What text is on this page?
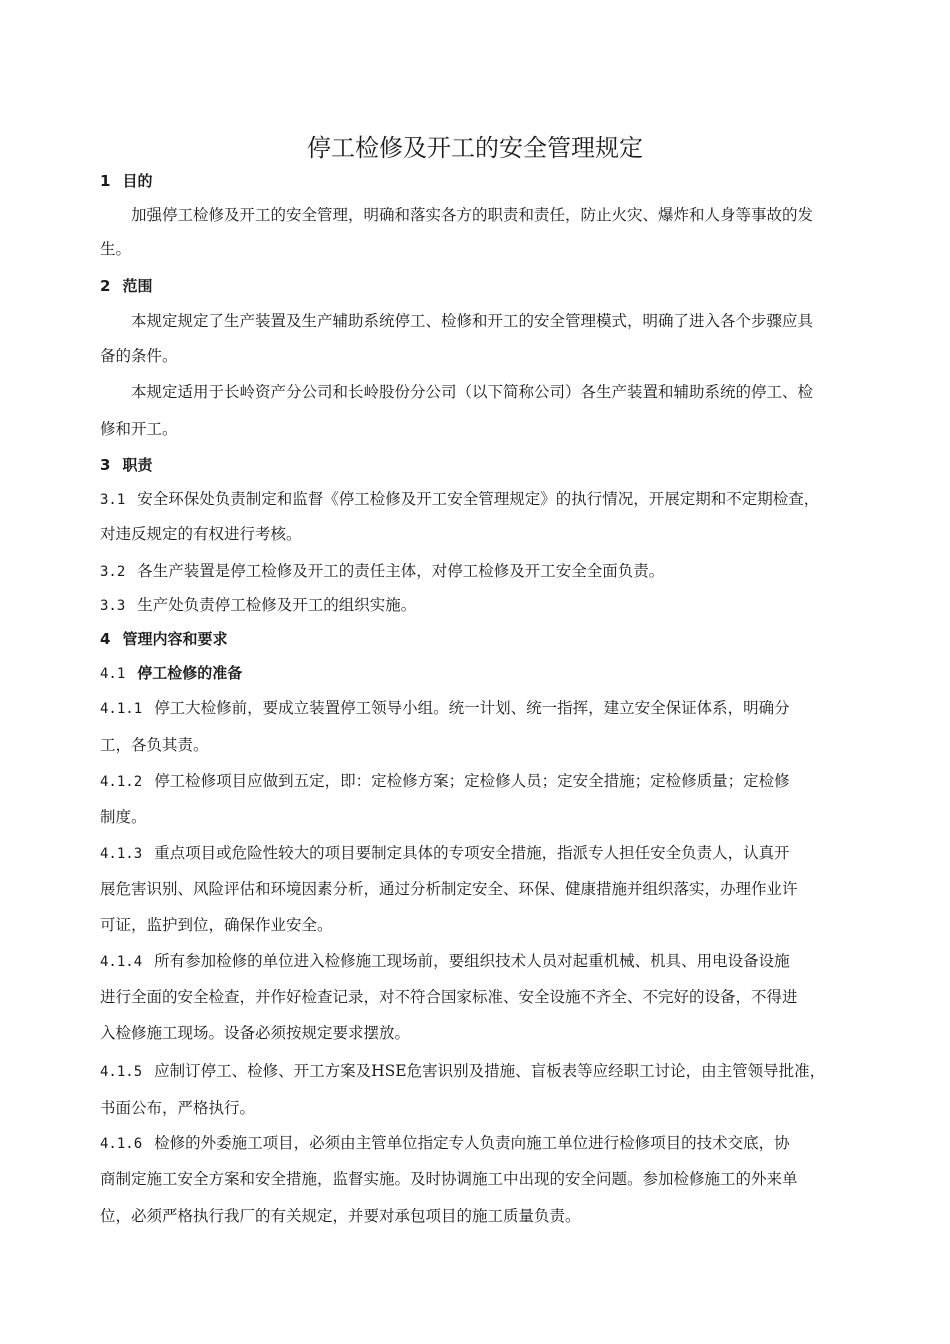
停工检修及开工的安全管理规定
1 目的
加强停工检修及开工的安全管理，明确和落实各方的职责和责任，防止火灾、爆炸和人身等事故的发
生。
2 范围
本规定规定了生产装置及生产辅助系统停工、检修和开工的安全管理模式，明确了进入各个步骤应具
备的条件。
本规定适用于长岭资产分公司和长岭股份分公司（以下简称公司）各生产装置和辅助系统的停工、检
修和开工。
3 职责
3.1 安全环保处负责制定和监督《停工检修及开工安全管理规定》的执行情况，开展定期和不定期检查，
对违反规定的有权进行考核。
3.2 各生产装置是停工检修及开工的责任主体，对停工检修及开工安全全面负责。
3.3 生产处负责停工检修及开工的组织实施。
4 管理内容和要求
4.1 停工检修的准备
4.1.1 停工大检修前，要成立装置停工领导小组。统一计划、统一指挥，建立安全保证体系，明确分
工，各负其责。
4.1.2 停工检修项目应做到五定，即：定检修方案；定检修人员；定安全措施；定检修质量；定检修
制度。
4.1.3 重点项目或危险性较大的项目要制定具体的专项安全措施，指派专人担任安全负责人，认真开
展危害识别、风险评估和环境因素分析，通过分析制定安全、环保、健康措施并组织落实，办理作业许
可证，监护到位，确保作业安全。
4.1.4 所有参加检修的单位进入检修施工现场前，要组织技术人员对起重机械、机具、用电设备设施
进行全面的安全检查，并作好检查记录，对不符合国家标准、安全设施不齐全、不完好的设备，不得进
入检修施工现场。设备必须按规定要求摆放。
4.1.5 应制订停工、检修、开工方案及HSE危害识别及措施、盲板表等应经职工讨论，由主管领导批准，
书面公布，严格执行。
4.1.6 检修的外委施工项目，必须由主管单位指定专人负责向施工单位进行检修项目的技术交底，协
商制定施工安全方案和安全措施，监督实施。及时协调施工中出现的安全问题。参加检修施工的外来单
位，必须严格执行我厂的有关规定，并要对承包项目的施工质量负责。
